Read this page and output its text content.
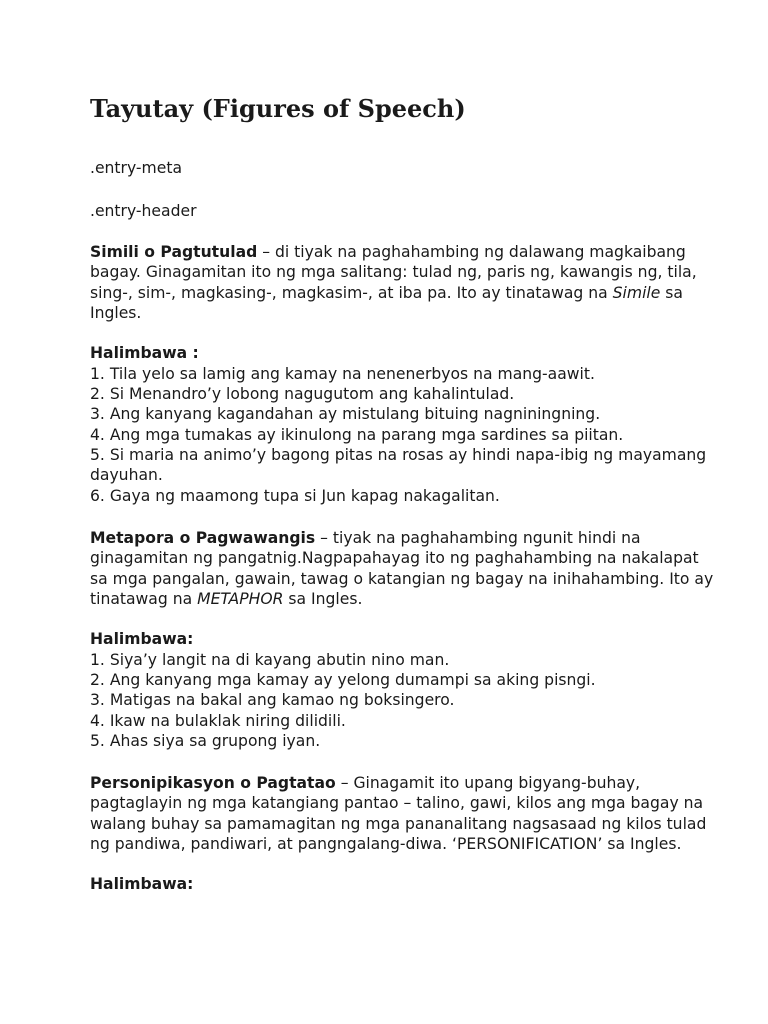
Tayutay (Figures of Speech)

.entry-meta

.entry-header

Simili o Pagtutulad – di tiyak na paghahambing ng dalawang magkaibang bagay. Ginagamitan ito ng mga salitang: tulad ng, paris ng, kawangis ng, tila, sing-, sim-, magkasing-, magkasim-, at iba pa. Ito ay tinatawag na Simile sa Ingles.

Halimbawa :

1. Tila yelo sa lamig ang kamay na nenenerbyos na mang-aawit.
2. Si Menandro’y lobong nagugutom ang kahalintulad.
3. Ang kanyang kagandahan ay mistulang bituing nagniningning.
4. Ang mga tumakas ay ikinulong na parang mga sardines sa piitan.
5. Si maria na animo’y bagong pitas na rosas ay hindi napa-ibig ng mayamang dayuhan.
6. Gaya ng maamong tupa si Jun kapag nakagalitan.

Metapora o Pagwawangis – tiyak na paghahambing ngunit hindi na ginagamitan ng pangatnig.Nagpapahayag ito ng paghahambing na nakalapat sa mga pangalan, gawain, tawag o katangian ng bagay na inihahambing. Ito ay tinatawag na METAPHOR sa Ingles.

Halimbawa:

1. Siya’y langit na di kayang abutin nino man.
2. Ang kanyang mga kamay ay yelong dumampi sa aking pisngi.
3. Matigas na bakal ang kamao ng boksingero.
4. Ikaw na bulaklak niring dilidili.
5. Ahas siya sa grupong iyan.

Personipikasyon o Pagtatao – Ginagamit ito upang bigyang-buhay, pagtaglayin ng mga katangiang pantao – talino, gawi, kilos ang mga bagay na walang buhay sa pamamagitan ng mga pananalitang nagsasaad ng kilos tulad ng pandiwa, pandiwari, at pangngalang-diwa. ‘PERSONIFICATION’ sa Ingles.

Halimbawa:
